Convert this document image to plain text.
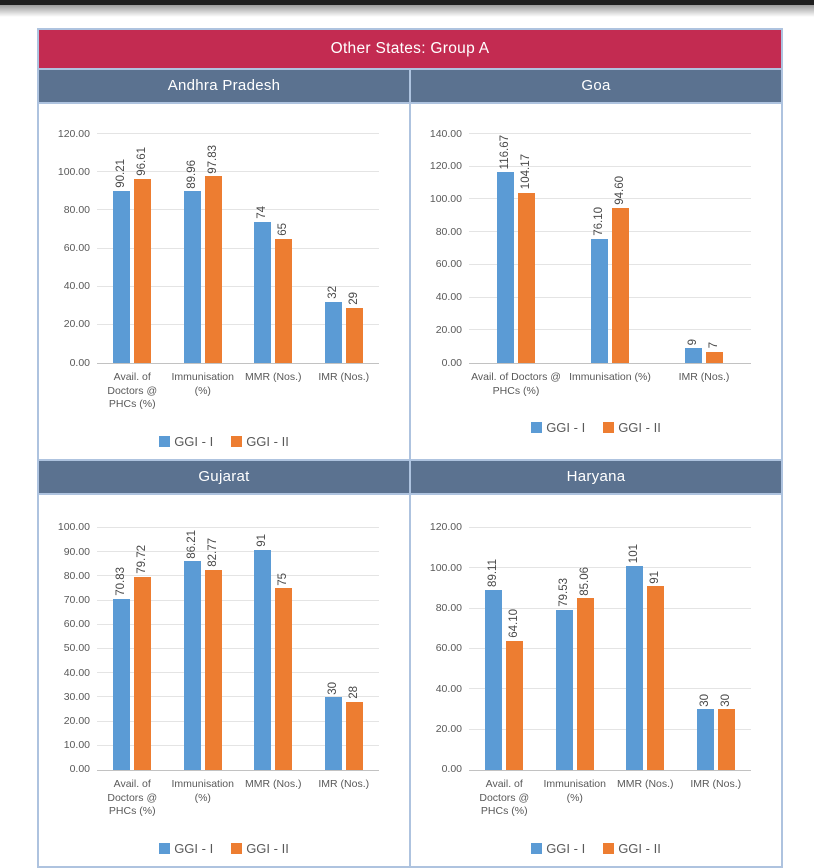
Other States: Group A
Andhra Pradesh	Goa
0.00
20.00
40.00
60.00
80.00
100.00
120.00
90.21 96.61	89.96
97.83
74
65
32 29
Avail. of Doctors @ PHCs (%)
Immunisation (%)
MMR (Nos.)	IMR (Nos.)
GGI - I	GGI - II
0.00
20.00
40.00
60.00
80.00
100.00
120.00
140.00
116.67
104.17
76.10
94.60
9
7
Avail. of Doctors @ PHCs (%)
Immunisation (%)	IMR (Nos.)
GGI - I	GGI - II
Gujarat	Haryana
0.00
10.00
20.00
30.00
40.00
50.00
60.00
70.00
80.00
90.00
100.00
70.83
79.72
86.21 82.77	91
75
30 28
Avail. of Doctors @ PHCs (%)
Immunisation (%)
MMR (Nos.)	IMR (Nos.)
GGI - I	GGI - II
0.00
20.00
40.00
60.00
80.00
100.00
120.00
89.11
64.10
79.53 85.06
101
91
30 30
Avail. of Doctors @ PHCs (%)
Immunisation (%)
MMR (Nos.)	IMR (Nos.)
GGI - I	GGI - II
